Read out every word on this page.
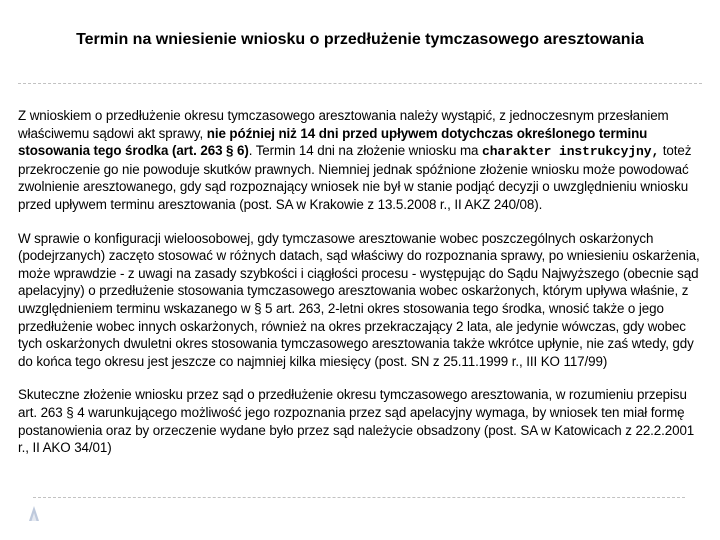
Termin na wniesienie wniosku o przedłużenie tymczasowego aresztowania

Z wnioskiem o przedłużenie okresu tymczasowego aresztowania należy wystąpić, z jednoczesnym przesłaniem właściwemu sądowi akt sprawy, nie później niż 14 dni przed upływem dotychczas określonego terminu stosowania tego środka (art. 263 § 6). Termin 14 dni na złożenie wniosku ma charakter instrukcyjny, toteż przekroczenie go nie powoduje skutków prawnych. Niemniej jednak spóźnione złożenie wniosku może powodować zwolnienie aresztowanego, gdy sąd rozpoznający wniosek nie był w stanie podjąć decyzji o uwzględnieniu wniosku przed upływem terminu aresztowania (post. SA w Krakowie z 13.5.2008 r., II AKZ 240/08).

W sprawie o konfiguracji wieloosobowej, gdy tymczasowe aresztowanie wobec poszczególnych oskarżonych (podejrzanych) zaczęto stosować w różnych datach, sąd właściwy do rozpoznania sprawy, po wniesieniu oskarżenia, może wprawdzie - z uwagi na zasady szybkości i ciągłości procesu - występując do Sądu Najwyższego (obecnie sąd apelacyjny) o przedłużenie stosowania tymczasowego aresztowania wobec oskarżonych, którym upływa właśnie, z uwzględnieniem terminu wskazanego w § 5 art. 263, 2-letni okres stosowania tego środka, wnosić także o jego przedłużenie wobec innych oskarżonych, również na okres przekraczający 2 lata, ale jedynie wówczas, gdy wobec tych oskarżonych dwuletni okres stosowania tymczasowego aresztowania także wkrótce upłynie, nie zaś wtedy, gdy do końca tego okresu jest jeszcze co najmniej kilka miesięcy (post. SN z 25.11.1999 r., III KO 117/99)

Skuteczne złożenie wniosku przez sąd o przedłużenie okresu tymczasowego aresztowania, w rozumieniu przepisu art. 263 § 4 warunkującego możliwość jego rozpoznania przez sąd apelacyjny wymaga, by wniosek ten miał formę postanowienia oraz by orzeczenie wydane było przez sąd należycie obsadzony (post. SA w Katowicach z 22.2.2001 r., II AKO 34/01)
